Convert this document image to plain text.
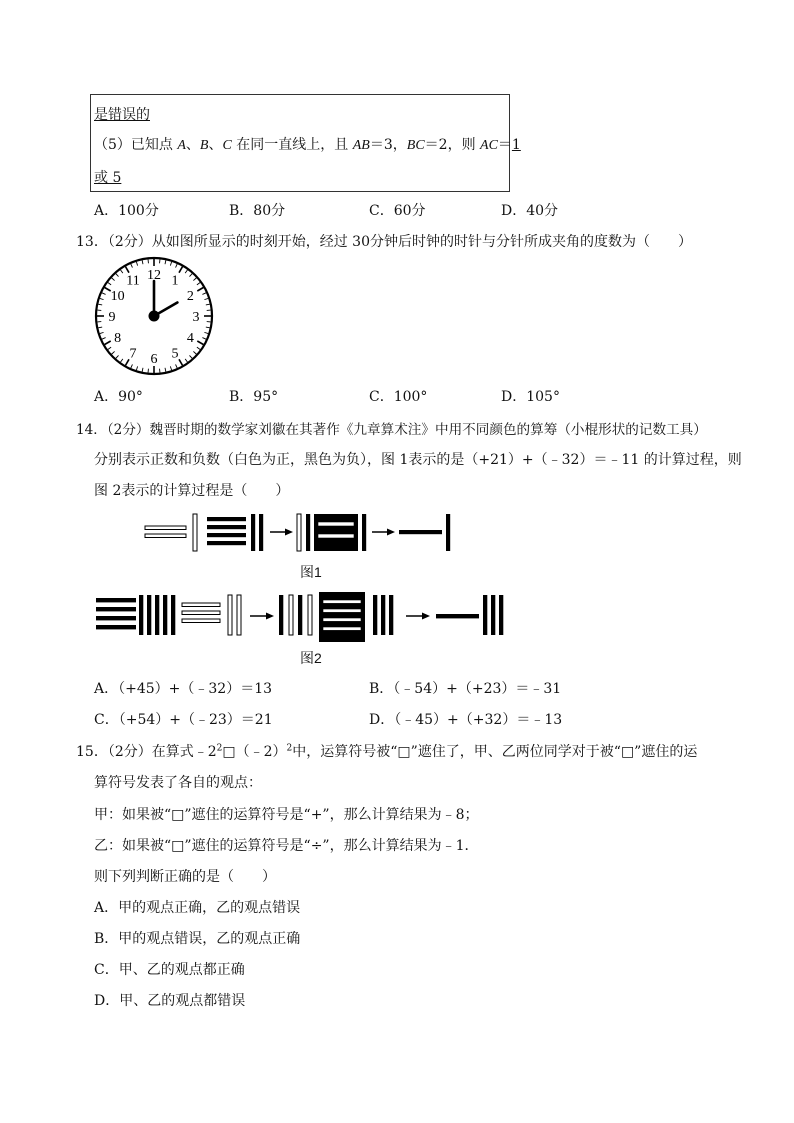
是错误的
（5）已知点 A、B、C 在同一直线上，且 AB＝3，BC＝2，则 AC＝1
或 5
A．100分	B．80分	C．60分	D．40分
13．（2分）从如图所显示的时刻开始，经过 30分钟后时钟的时针与分针所成夹角的度数为（　　）
12 1
2
3
4
5
6
7
8
9
10
11
A．90°	B．95°	C．100°	D．105°
14．（2分）魏晋时期的数学家刘徽在其著作《九章算术注》中用不同颜色的算筹（小棍形状的记数工具）
分别表示正数和负数（白色为正，黑色为负），图 1表示的是（+21）+（﹣32）＝﹣11 的计算过程，则
图 2表示的计算过程是（　　）
图1
图2
A．（+45）+（﹣32）＝13	B．（﹣54）+（+23）＝﹣31
C．（+54）+（﹣23）＝21	D．（﹣45）+（+32）＝﹣13
15．（2分）在算式$﹣2^2□(﹣2)^2$中，运算符号被“□”遮住了，甲、乙两位同学对于被“□”遮住的运
算符号发表了各自的观点：
甲：如果被“□”遮住的运算符号是“+”，那么计算结果为﹣8；
乙：如果被“□”遮住的运算符号是“÷”，那么计算结果为﹣1．
则下列判断正确的是（　　）
A．甲的观点正确，乙的观点错误
B．甲的观点错误，乙的观点正确
C．甲、乙的观点都正确
D．甲、乙的观点都错误
